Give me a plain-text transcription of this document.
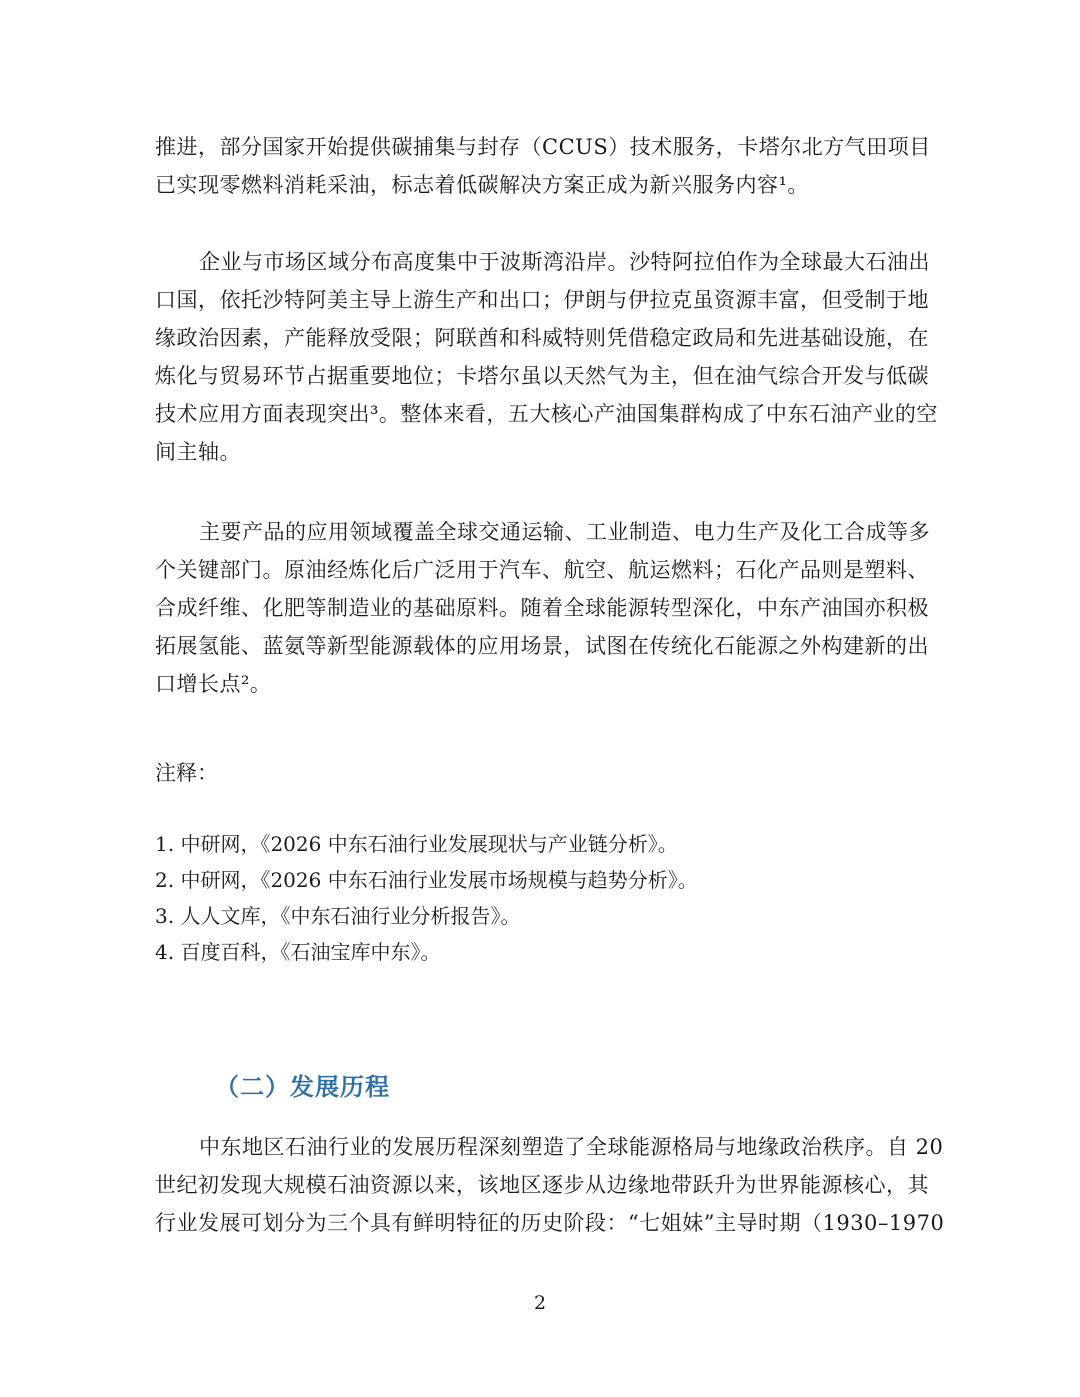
推进，部分国家开始提供碳捕集与封存（CCUS）技术服务，卡塔尔北方气田项目
已实现零燃料消耗采油，标志着低碳解决方案正成为新兴服务内容¹。

企业与市场区域分布高度集中于波斯湾沿岸。沙特阿拉伯作为全球最大石油出
口国，依托沙特阿美主导上游生产和出口；伊朗与伊拉克虽资源丰富，但受制于地
缘政治因素，产能释放受限；阿联酋和科威特则凭借稳定政局和先进基础设施，在
炼化与贸易环节占据重要地位；卡塔尔虽以天然气为主，但在油气综合开发与低碳
技术应用方面表现突出³。整体来看，五大核心产油国集群构成了中东石油产业的空
间主轴。

主要产品的应用领域覆盖全球交通运输、工业制造、电力生产及化工合成等多
个关键部门。原油经炼化后广泛用于汽车、航空、航运燃料；石化产品则是塑料、
合成纤维、化肥等制造业的基础原料。随着全球能源转型深化，中东产油国亦积极
拓展氢能、蓝氨等新型能源载体的应用场景，试图在传统化石能源之外构建新的出
口增长点²。

注释：
1. 中研网，《2026 中东石油行业发展现状与产业链分析》。
2. 中研网，《2026 中东石油行业发展市场规模与趋势分析》。
3. 人人文库，《中东石油行业分析报告》。
4. 百度百科，《石油宝库中东》。
（二）发展历程

中东地区石油行业的发展历程深刻塑造了全球能源格局与地缘政治秩序。自 20
世纪初发现大规模石油资源以来，该地区逐步从边缘地带跃升为世界能源核心，其
行业发展可划分为三个具有鲜明特征的历史阶段：“七姐妹”主导时期（1930–1970

2
